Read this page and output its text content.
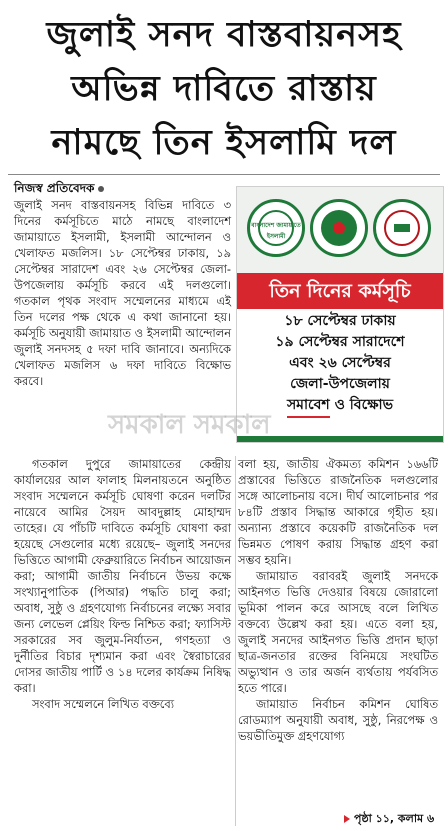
জুলাই সনদ বাস্তবায়নসহ
অভিন্ন দাবিতে রাস্তায়
নামছে তিন ইসলামি দল
নিজস্ব প্রতিবেদক

জুলাই সনদ বাস্তবায়নসহ বিভিন্ন দাবিতে ৩ দিনের কর্মসূচিতে মাঠে নামছে বাংলাদেশ জামায়াতে ইসলামী, ইসলামী আন্দোলন ও খেলাফত মজলিস। ১৮ সেপ্টেম্বর ঢাকায়, ১৯ সেপ্টেম্বর সারাদেশ এবং ২৬ সেপ্টেম্বর জেলা-উপজেলায় কর্মসূচি করবে এই দলগুলো। গতকাল পৃথক সংবাদ সম্মেলনের মাধ্যমে এই তিন দলের পক্ষ থেকে এ কথা জানানো হয়। কর্মসূচি অনুযায়ী জামায়াত ও ইসলামী আন্দোলন জুলাই সনদসহ ৫ দফা দাবি জানাবে। অন্যদিকে খেলাফত মজলিস ৬ দফা দাবিতে বিক্ষোভ করবে।

বাংলাদেশ জামায়াতে ইসলামী
তিন দিনের কর্মসূচি
১৮ সেপ্টেম্বর ঢাকায়
১৯ সেপ্টেম্বর সারাদেশে
এবং ২৬ সেপ্টেম্বর
জেলা-উপজেলায়
সমাবেশ ও বিক্ষোভ

গতকাল দুপুরে জামায়াতের কেন্দ্রীয় কার্যালয়ের আল ফালাহ মিলনায়তনে অনুষ্ঠিত সংবাদ সম্মেলনে কর্মসূচি ঘোষণা করেন দলটির নায়েবে আমির সৈয়দ আবদুল্লাহ মোহাম্মদ তাহের। যে পাঁচটি দাবিতে কর্মসূচি ঘোষণা করা হয়েছে সেগুলোর মধ্যে রয়েছে– জুলাই সনদের ভিত্তিতে আগামী ফেব্রুয়ারিতে নির্বাচন আয়োজন করা; আগামী জাতীয় নির্বাচনে উভয় কক্ষে সংখ্যানুপাতিক (পিআর) পদ্ধতি চালু করা; অবাধ, সুষ্ঠু ও গ্রহণযোগ্য নির্বাচনের লক্ষ্যে সবার জন্য লেভেল প্লেয়িং ফিল্ড নিশ্চিত করা; ফ্যাসিস্ট সরকারের সব জুলুম-নির্যাতন, গণহত্যা ও দুর্নীতির বিচার দৃশ্যমান করা এবং স্বৈরাচারের দোসর জাতীয় পার্টি ও ১৪ দলের কার্যক্রম নিষিদ্ধ করা।

সংবাদ সম্মেলনে লিখিত বক্তব্যে

বলা হয়, জাতীয় ঐকমত্য কমিশন ১৬৬টি প্রস্তাবের ভিত্তিতে রাজনৈতিক দলগুলোর সঙ্গে আলোচনায় বসে। দীর্ঘ আলোচনার পর ৮৪টি প্রস্তাব সিদ্ধান্ত আকারে গৃহীত হয়। অন্যান্য প্রস্তাবে কয়েকটি রাজনৈতিক দল ভিন্নমত পোষণ করায় সিদ্ধান্ত গ্রহণ করা সম্ভব হয়নি।

জামায়াত বরাবরই জুলাই সনদকে আইনগত ভিত্তি দেওয়ার বিষয়ে জোরালো ভূমিকা পালন করে আসছে বলে লিখিত বক্তব্যে উল্লেখ করা হয়। এতে বলা হয়, জুলাই সনদের আইনগত ভিত্তি প্রদান ছাড়া ছাত্র-জনতার রক্তের বিনিময়ে সংঘটিত অভ্যুত্থান ও তার অর্জন ব্যর্থতায় পর্যবসিত হতে পারে।

জামায়াত নির্বাচন কমিশন ঘোষিত রোডম্যাপ অনুযায়ী অবাধ, সুষ্ঠু, নিরপেক্ষ ও ভয়ভীতিমুক্ত গ্রহণযোগ্য

সমকাল সমকাল
পৃষ্ঠা ১১, কলাম ৬
